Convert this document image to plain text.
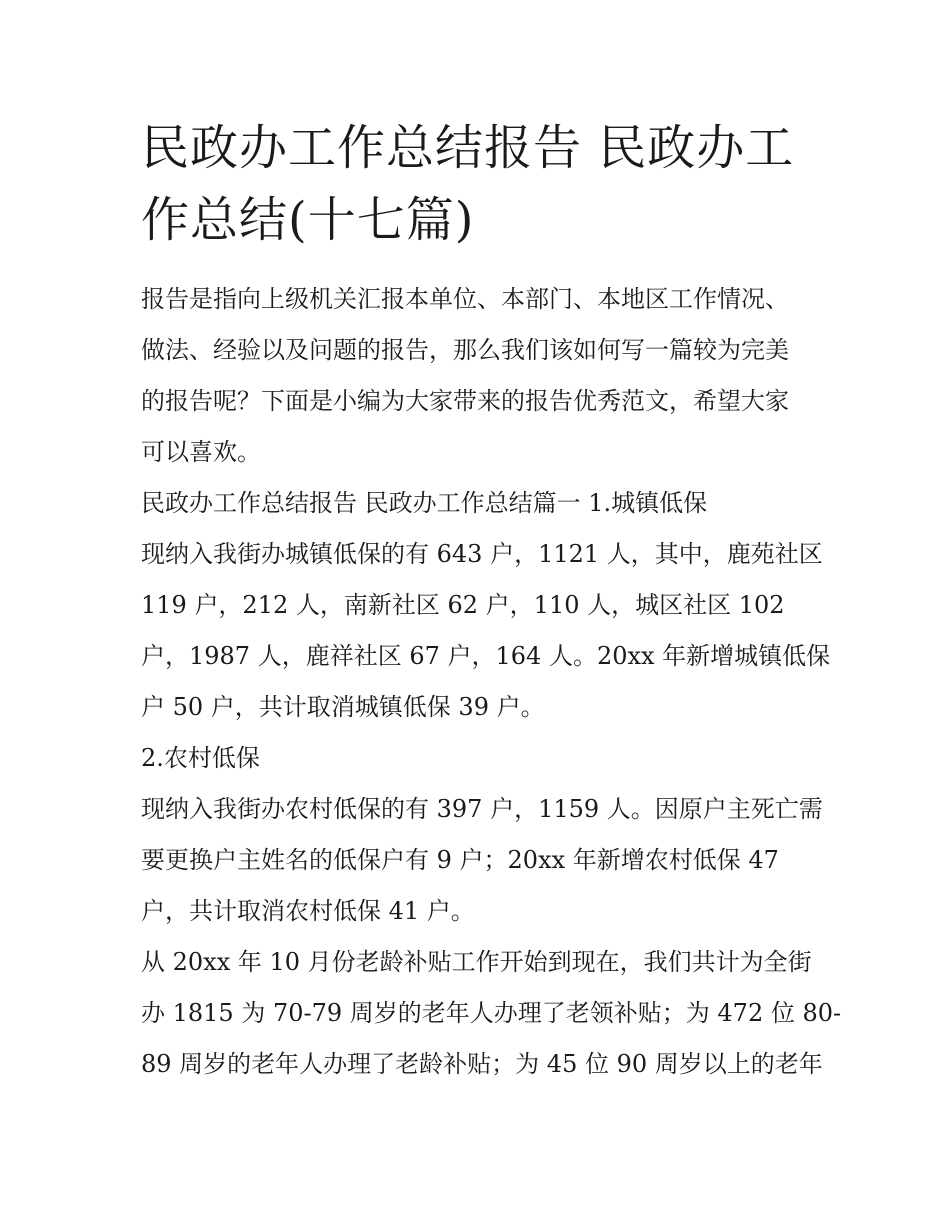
民政办工作总结报告 民政办工
作总结(十七篇)

报告是指向上级机关汇报本单位、本部门、本地区工作情况、

做法、经验以及问题的报告，那么我们该如何写一篇较为完美

的报告呢？下面是小编为大家带来的报告优秀范文，希望大家

可以喜欢。

民政办工作总结报告 民政办工作总结篇一 1.城镇低保

现纳入我街办城镇低保的有 643 户，1121 人，其中，鹿苑社区

119 户，212 人，南新社区 62 户，110 人，城区社区 102

户，1987 人，鹿祥社区 67 户，164 人。20xx 年新增城镇低保

户 50 户，共计取消城镇低保 39 户。

2.农村低保

现纳入我街办农村低保的有 397 户，1159 人。因原户主死亡需

要更换户主姓名的低保户有 9 户；20xx 年新增农村低保 47

户，共计取消农村低保 41 户。

从 20xx 年 10 月份老龄补贴工作开始到现在，我们共计为全街

办 1815 为 70-79 周岁的老年人办理了老领补贴；为 472 位 80-

89 周岁的老年人办理了老龄补贴；为 45 位 90 周岁以上的老年
